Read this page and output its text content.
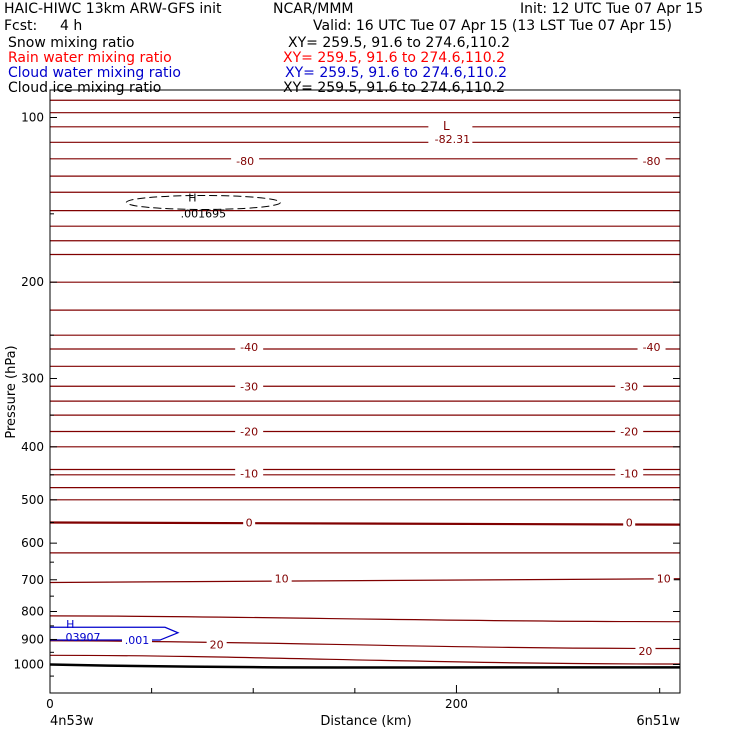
HAIC-HIWC 13km ARW-GFS init	NCAR/MMM	Init: 12 UTC Tue 07 Apr 15
Fcst: 4 h	Valid: 16 UTC Tue 07 Apr 15 (13 LST Tue 07 Apr 15)
Snow mixing ratio	XY= 259.5, 91.6 to 274.6,110.2
Rain water mixing ratio	XY= 259.5, 91.6 to 274.6,110.2
Cloud water mixing ratio	XY= 259.5, 91.6 to 274.6,110.2
Cloud ice mixing ratio	XY= 259.5, 91.6 to 274.6,110.2
H
.001695
H
.03907 .001
100
200
300
400
500
600
700
800
900
1000
0	200
-80	-80
-40	-40
-30	-30
-20	-20
-10	-10
0	0
10	10
20	20
L
-82.31
Pressure (hPa)
Distance (km)
4n53w	6n51w
